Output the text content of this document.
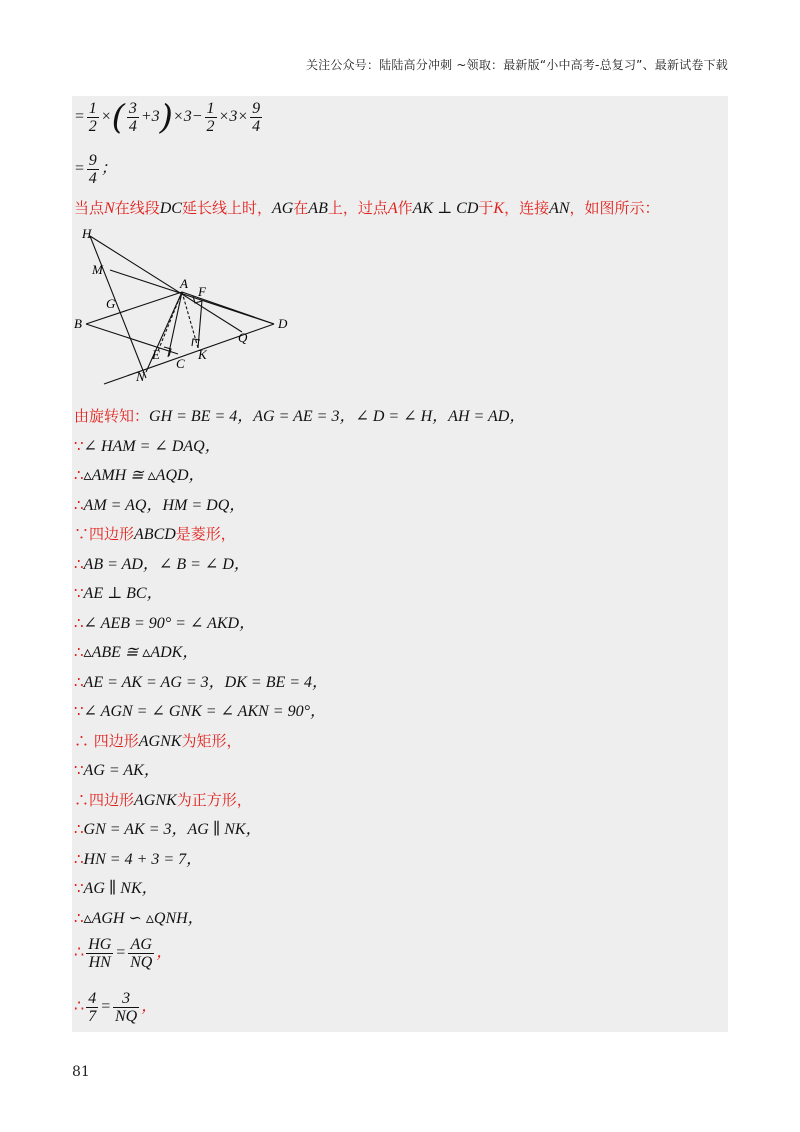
关注公众号：陆陆高分冲刺 ~领取：最新版“小中高考-总复习”、最新试卷下载
= $\frac{1}{2}$ ×( $\frac{3}{4} +3)\times 3- \frac{1}{2} \times 3\times \frac{9}{4}$
= $\frac{9}{4}$ ；
当点N在线段DC延长线上时，AG在AB上，过点A作AK ⊥ CD于K，连接AN，如图所示：
H
M
A
F
G
B	D
Q
E
C
K
N
由旋转知：GH = BE = 4，AG = AE = 3，∠ D = ∠ H，AH = AD，
∵∠ HAM = ∠ DAQ，
∴▵AMH ≅ ▵AQD，
∴AM = AQ，HM = DQ，
∵四边形ABCD是菱形，
∴AB = AD，∠ B = ∠ D，
∵AE ⊥ BC，
∴∠ AEB = 90° = ∠ AKD，
∴▵ABE ≅ ▵ADK，
∴AE = AK = AG = 3，DK = BE = 4，
∵∠ AGN = ∠ GNK = ∠ AKN = 90°，
∴ 四边形AGNK为矩形，
∵AG = AK，
∴四边形AGNK为正方形，
∴GN = AK = 3，AG ∥ NK，
∴HN = 4 + 3 = 7，
∵AG ∥ NK，
∴▵AGH ∽ ▵QNH，
∴ $\frac{HG}{HN} = \frac{AG}{NQ}$ ，
∴ $\frac{4}{7} = \frac{3}{NQ}$ ，
81
